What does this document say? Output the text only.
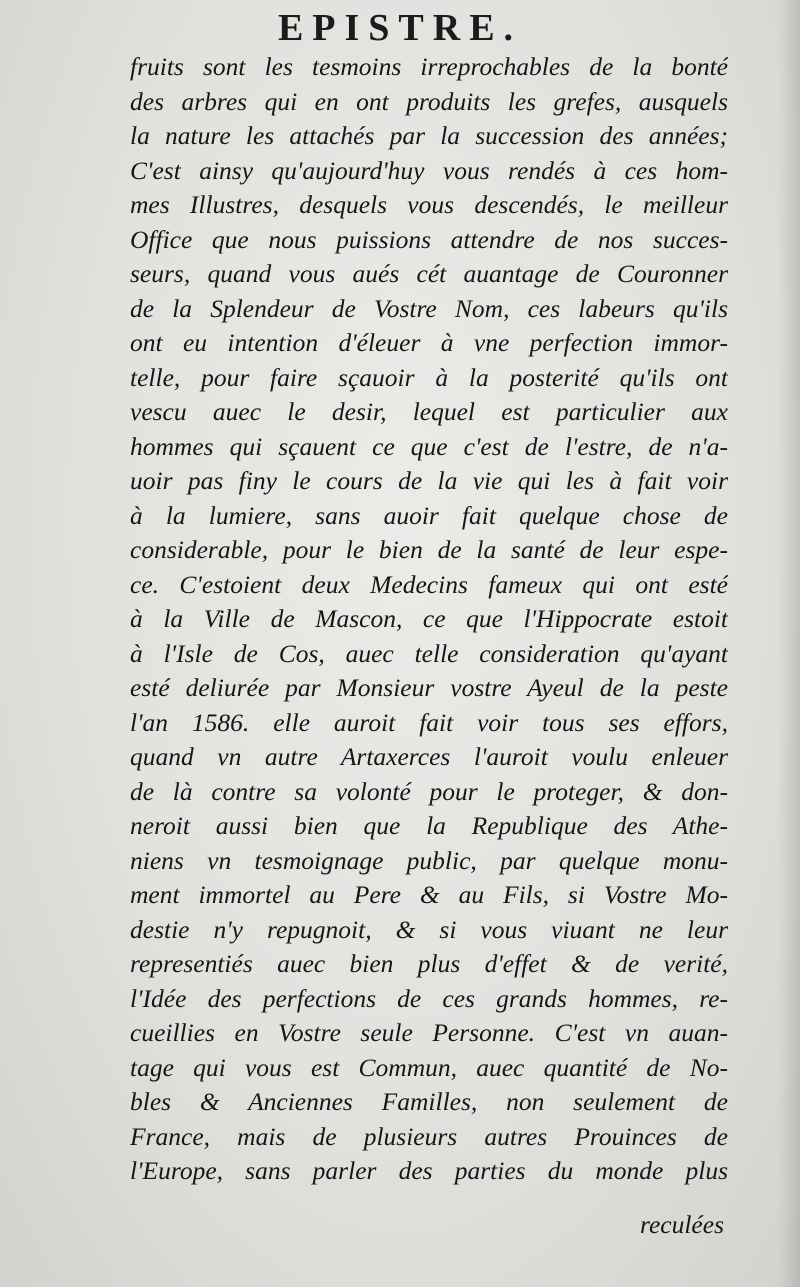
EPISTRE.
fruits sont les tesmoins irreprochables de la bonté
des arbres qui en ont produits les grefes, ausquels
la nature les attachés par la succession des années;
C'est ainsy qu'aujourd'huy vous rendés à ces hom-
mes Illustres, desquels vous descendés, le meilleur
Office que nous puissions attendre de nos succes-
seurs, quand vous aués cét auantage de Couronner
de la Splendeur de Vostre Nom, ces labeurs qu'ils
ont eu intention d'éleuer à vne perfection immor-
telle, pour faire sçauoir à la posterité qu'ils ont
vescu auec le desir, lequel est particulier aux
hommes qui sçauent ce que c'est de l'estre, de n'a-
uoir pas finy le cours de la vie qui les à fait voir
à la lumiere, sans auoir fait quelque chose de
considerable, pour le bien de la santé de leur espe-
ce. C'estoient deux Medecins fameux qui ont esté
à la Ville de Mascon, ce que l'Hippocrate estoit
à l'Isle de Cos, auec telle consideration qu'ayant
esté deliurée par Monsieur vostre Ayeul de la peste
l'an 1586. elle auroit fait voir tous ses effors,
quand vn autre Artaxerces l'auroit voulu enleuer
de là contre sa volonté pour le proteger, & don-
neroit aussi bien que la Republique des Athe-
niens vn tesmoignage public, par quelque monu-
ment immortel au Pere & au Fils, si Vostre Mo-
destie n'y repugnoit, & si vous viuant ne leur
representiés auec bien plus d'effet & de verité,
l'Idée des perfections de ces grands hommes, re-
cueillies en Vostre seule Personne. C'est vn auan-
tage qui vous est Commun, auec quantité de No-
bles & Anciennes Familles, non seulement de
France, mais de plusieurs autres Prouinces de
l'Europe, sans parler des parties du monde plus
reculées
